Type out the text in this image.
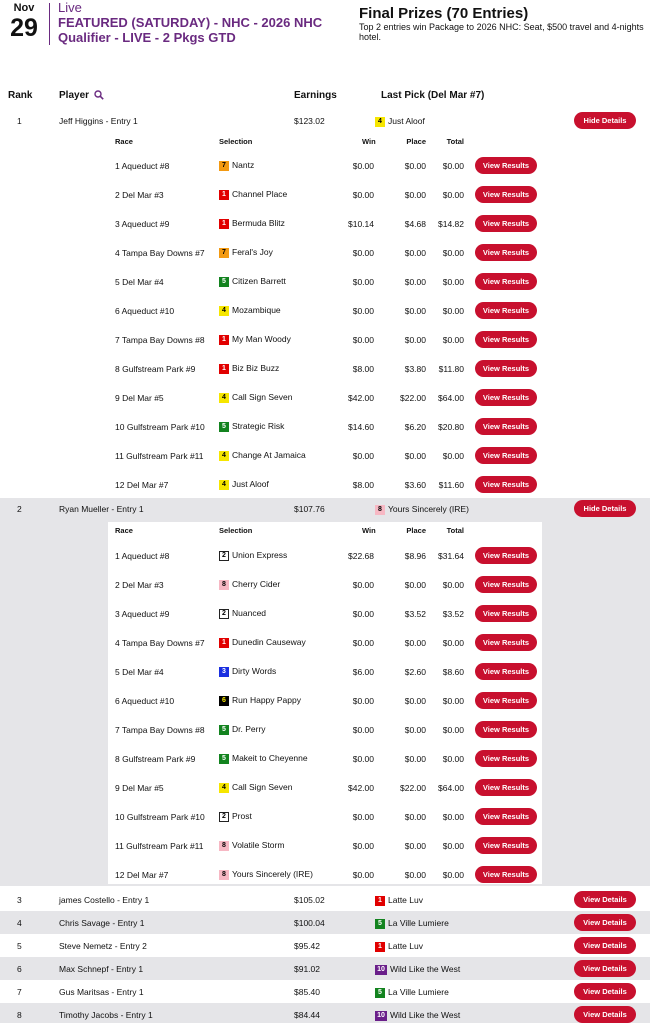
Nov
29
Live
FEATURED (SATURDAY) - NHC - 2026 NHC Qualifier - LIVE - 2 Pkgs GTD
Final Prizes (70 Entries)
Top 2 entries win Package to 2026 NHC: Seat, $500 travel and 4-nights hotel.
Rank	Player	Earnings	Last Pick (Del Mar #7)
1	Jeff Higgins - Entry 1	$123.02	4 Just Aloof	Hide Details
Race	Selection	Win	Place	Total
1 Aqueduct #8	7 Nantz	$0.00	$0.00	$0.00	View Results
2 Del Mar #3	1 Channel Place	$0.00	$0.00	$0.00	View Results
3 Aqueduct #9	1 Bermuda Blitz	$10.14	$4.68	$14.82	View Results
4 Tampa Bay Downs #7	7 Feral's Joy	$0.00	$0.00	$0.00	View Results
5 Del Mar #4	5 Citizen Barrett	$0.00	$0.00	$0.00	View Results
6 Aqueduct #10	4 Mozambique	$0.00	$0.00	$0.00	View Results
7 Tampa Bay Downs #8	1 My Man Woody	$0.00	$0.00	$0.00	View Results
8 Gulfstream Park #9	1 Biz Biz Buzz	$8.00	$3.80	$11.80	View Results
9 Del Mar #5	4 Call Sign Seven	$42.00	$22.00	$64.00	View Results
10 Gulfstream Park #10	5 Strategic Risk	$14.60	$6.20	$20.80	View Results
11 Gulfstream Park #11	4 Change At Jamaica	$0.00	$0.00	$0.00	View Results
12 Del Mar #7	4 Just Aloof	$8.00	$3.60	$11.60	View Results
2	Ryan Mueller - Entry 1	$107.76	8 Yours Sincerely (IRE)	Hide Details
Race	Selection	Win	Place	Total
1 Aqueduct #8	2 Union Express	$22.68	$8.96	$31.64	View Results
2 Del Mar #3	8 Cherry Cider	$0.00	$0.00	$0.00	View Results
3 Aqueduct #9	2 Nuanced	$0.00	$3.52	$3.52	View Results
4 Tampa Bay Downs #7	1 Dunedin Causeway	$0.00	$0.00	$0.00	View Results
5 Del Mar #4	3 Dirty Words	$6.00	$2.60	$8.60	View Results
6 Aqueduct #10	6 Run Happy Pappy	$0.00	$0.00	$0.00	View Results
7 Tampa Bay Downs #8	5 Dr. Perry	$0.00	$0.00	$0.00	View Results
8 Gulfstream Park #9	5 Makeit to Cheyenne	$0.00	$0.00	$0.00	View Results
9 Del Mar #5	4 Call Sign Seven	$42.00	$22.00	$64.00	View Results
10 Gulfstream Park #10	2 Prost	$0.00	$0.00	$0.00	View Results
11 Gulfstream Park #11	8 Volatile Storm	$0.00	$0.00	$0.00	View Results
12 Del Mar #7	8 Yours Sincerely (IRE)	$0.00	$0.00	$0.00	View Results
3	james Costello - Entry 1	$105.02	1 Latte Luv	View Details
4	Chris Savage - Entry 1	$100.04	5 La Ville Lumiere	View Details
5	Steve Nemetz - Entry 2	$95.42	1 Latte Luv	View Details
6	Max Schnepf - Entry 1	$91.02	10 Wild Like the West	View Details
7	Gus Maritsas - Entry 1	$85.40	5 La Ville Lumiere	View Details
8	Timothy Jacobs - Entry 1	$84.44	10 Wild Like the West	View Details
